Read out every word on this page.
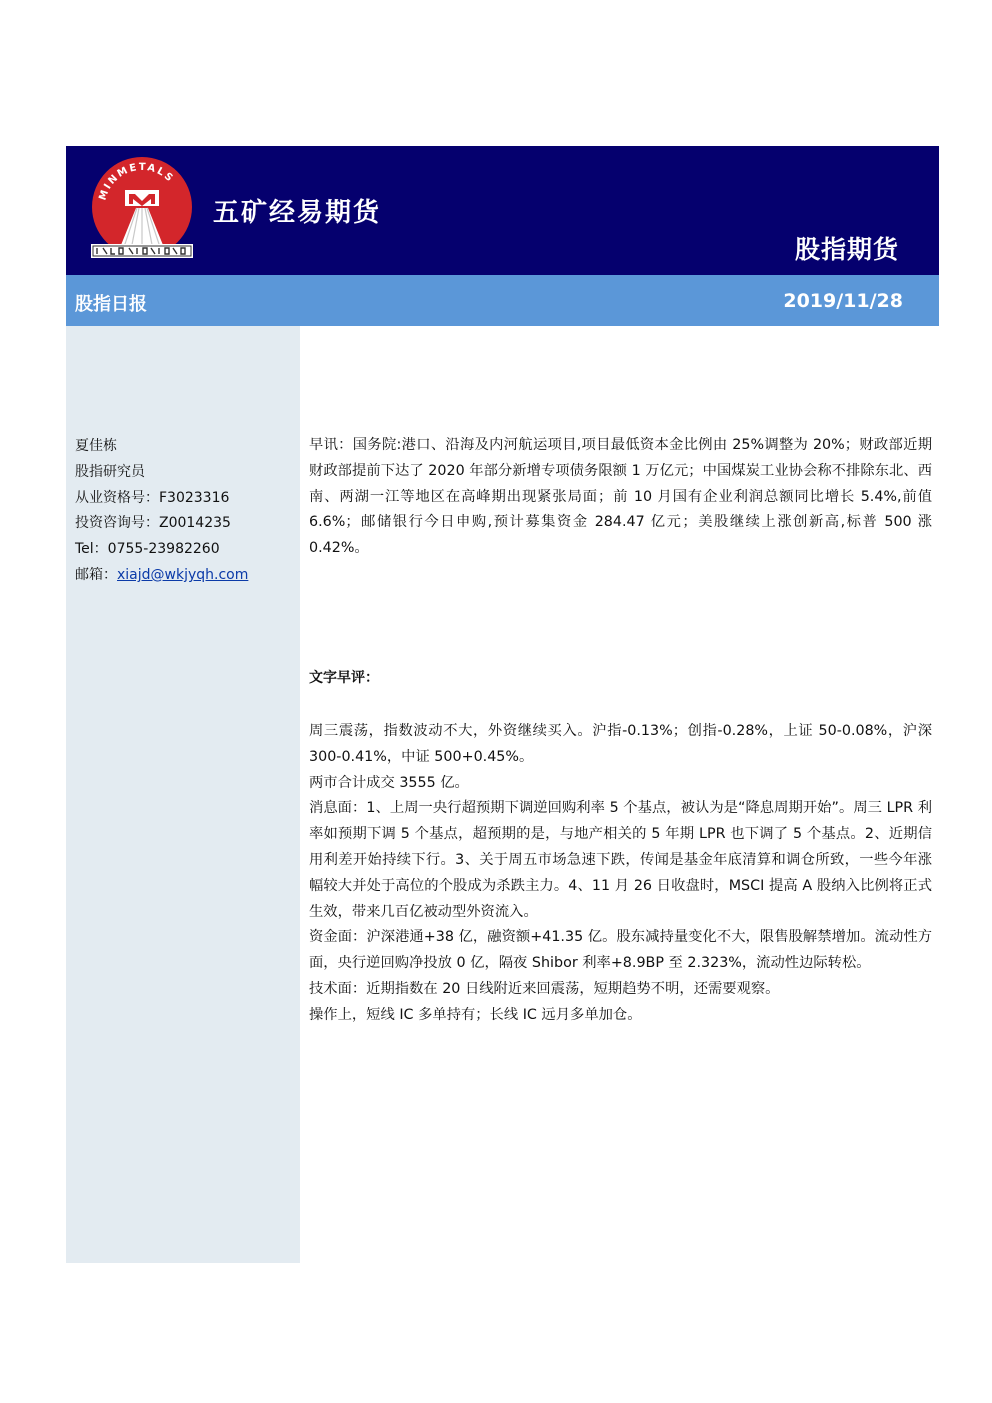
MINMETALS
五矿经易期货
股指期货
股指日报	2019/11/28
夏佳栋
股指研究员
从业资格号：F3023316
投资咨询号：Z0014235
Tel：0755-23982260
邮箱：xiajd@wkjyqh.com
早讯：国务院:港口、沿海及内河航运项目,项目最低资本金比例由 25%调整为 20%；财政部近期财政部提前下达了 2020 年部分新增专项债务限额 1 万亿元；中国煤炭工业协会称不排除东北、西南、两湖一江等地区在高峰期出现紧张局面；前 10 月国有企业利润总额同比增长 5.4%,前值 6.6%；邮储银行今日申购,预计募集资金 284.47 亿元；美股继续上涨创新高,标普 500 涨 0.42%。
文字早评：

周三震荡，指数波动不大，外资继续买入。沪指-0.13%；创指-0.28%，上证 50-0.08%，沪深 300-0.41%，中证 500+0.45%。

两市合计成交 3555 亿。

消息面：1、上周一央行超预期下调逆回购利率 5 个基点，被认为是“降息周期开始”。周三 LPR 利率如预期下调 5 个基点，超预期的是，与地产相关的 5 年期 LPR 也下调了 5 个基点。2、近期信用利差开始持续下行。3、关于周五市场急速下跌，传闻是基金年底清算和调仓所致，一些今年涨幅较大并处于高位的个股成为杀跌主力。4、11 月 26 日收盘时，MSCI 提高 A 股纳入比例将正式生效，带来几百亿被动型外资流入。

资金面：沪深港通+38 亿，融资额+41.35 亿。股东减持量变化不大，限售股解禁增加。流动性方面，央行逆回购净投放 0 亿，隔夜 Shibor 利率+8.9BP 至 2.323%，流动性边际转松。

技术面：近期指数在 20 日线附近来回震荡，短期趋势不明，还需要观察。

操作上，短线 IC 多单持有；长线 IC 远月多单加仓。
